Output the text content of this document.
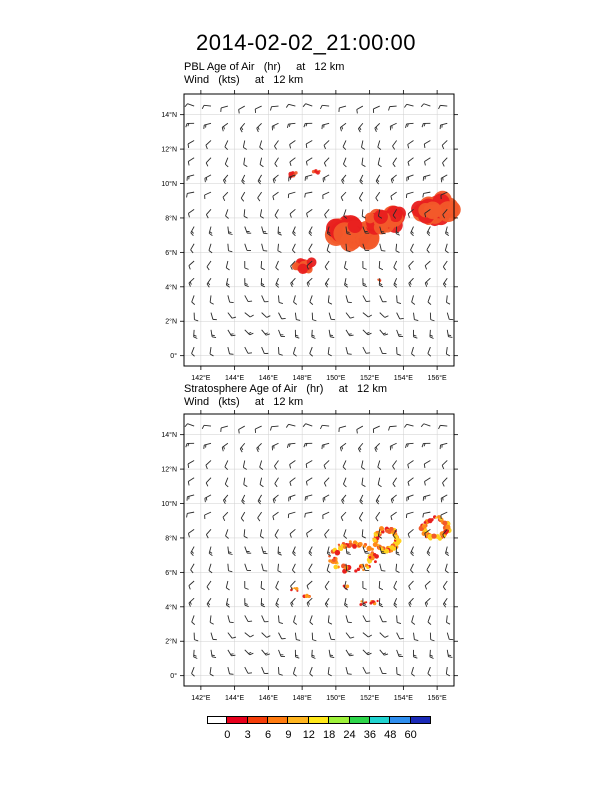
2014-02-02_21:00:00
PBL Age of Air   (hr)     at   12 km
Wind   (kts)     at   12 km
142°E 144°E 146°E 148°E 150°E 152°E 154°E 156°E
0°
2°N
4°N
6°N
8°N
10°N
12°N
14°N
Stratosphere Age of Air   (hr)     at   12 km
Wind   (kts)     at   12 km
142°E 144°E 146°E 148°E 150°E 152°E 154°E 156°E
0°
2°N
4°N
6°N
8°N
10°N
12°N
14°N
0 3 6 9 12 18 24 36 48 60
